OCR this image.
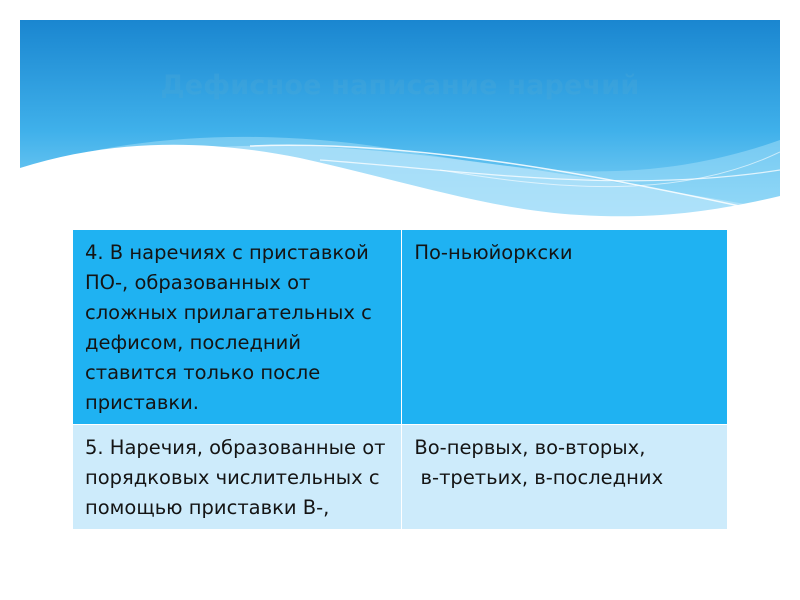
Дефисное написание наречий
4. В наречиях с приставкой ПО-, образованных от сложных прилагательных с дефисом, последний ставится только после приставки.	По-ньюйоркски
5. Наречия, образованные от порядковых числительных с помощью приставки В-,	Во-первых, во-вторых,
в-третьих, в-последних
